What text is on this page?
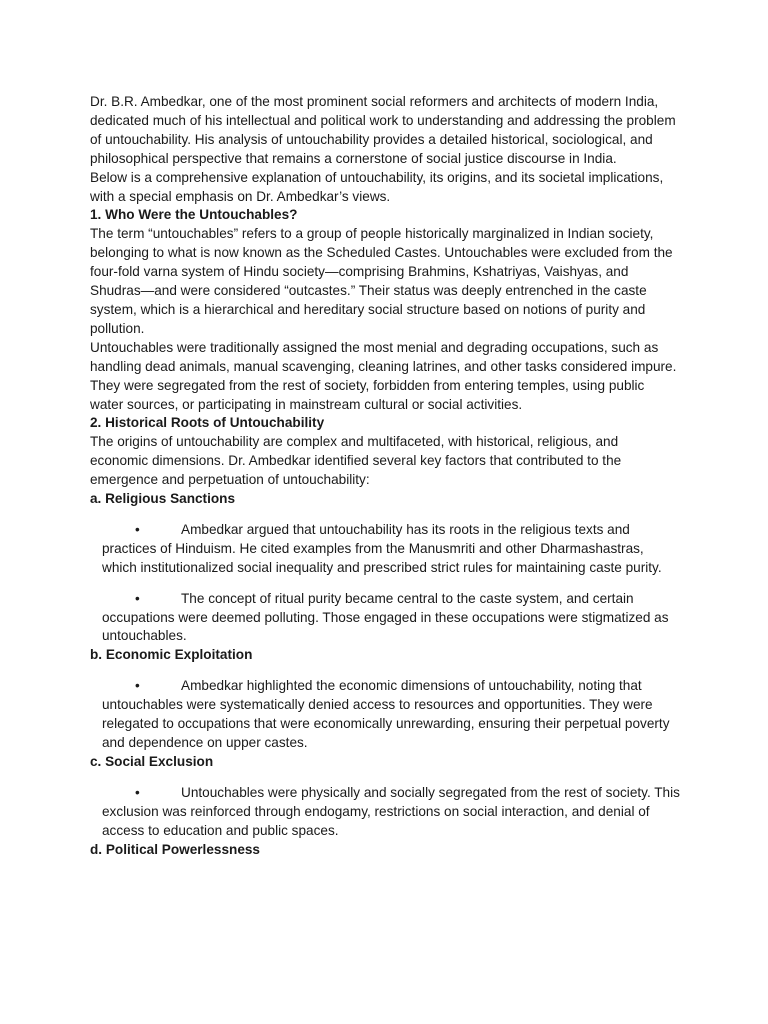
Dr. B.R. Ambedkar, one of the most prominent social reformers and architects of modern India, dedicated much of his intellectual and political work to understanding and addressing the problem of untouchability. His analysis of untouchability provides a detailed historical, sociological, and philosophical perspective that remains a cornerstone of social justice discourse in India.

Below is a comprehensive explanation of untouchability, its origins, and its societal implications, with a special emphasis on Dr. Ambedkar’s views.

1. Who Were the Untouchables?

The term “untouchables” refers to a group of people historically marginalized in Indian society, belonging to what is now known as the Scheduled Castes. Untouchables were excluded from the four-fold varna system of Hindu society—comprising Brahmins, Kshatriyas, Vaishyas, and Shudras—and were considered “outcastes.” Their status was deeply entrenched in the caste system, which is a hierarchical and hereditary social structure based on notions of purity and pollution.

Untouchables were traditionally assigned the most menial and degrading occupations, such as handling dead animals, manual scavenging, cleaning latrines, and other tasks considered impure. They were segregated from the rest of society, forbidden from entering temples, using public water sources, or participating in mainstream cultural or social activities.

2. Historical Roots of Untouchability

The origins of untouchability are complex and multifaceted, with historical, religious, and economic dimensions. Dr. Ambedkar identified several key factors that contributed to the emergence and perpetuation of untouchability:

a. Religious Sanctions

•	Ambedkar argued that untouchability has its roots in the religious texts and practices of Hinduism. He cited examples from the Manusmriti and other Dharmashastras, which institutionalized social inequality and prescribed strict rules for maintaining caste purity.

•	The concept of ritual purity became central to the caste system, and certain occupations were deemed polluting. Those engaged in these occupations were stigmatized as untouchables.

b. Economic Exploitation

•	Ambedkar highlighted the economic dimensions of untouchability, noting that untouchables were systematically denied access to resources and opportunities. They were relegated to occupations that were economically unrewarding, ensuring their perpetual poverty and dependence on upper castes.

c. Social Exclusion

•	Untouchables were physically and socially segregated from the rest of society. This exclusion was reinforced through endogamy, restrictions on social interaction, and denial of access to education and public spaces.

d. Political Powerlessness
